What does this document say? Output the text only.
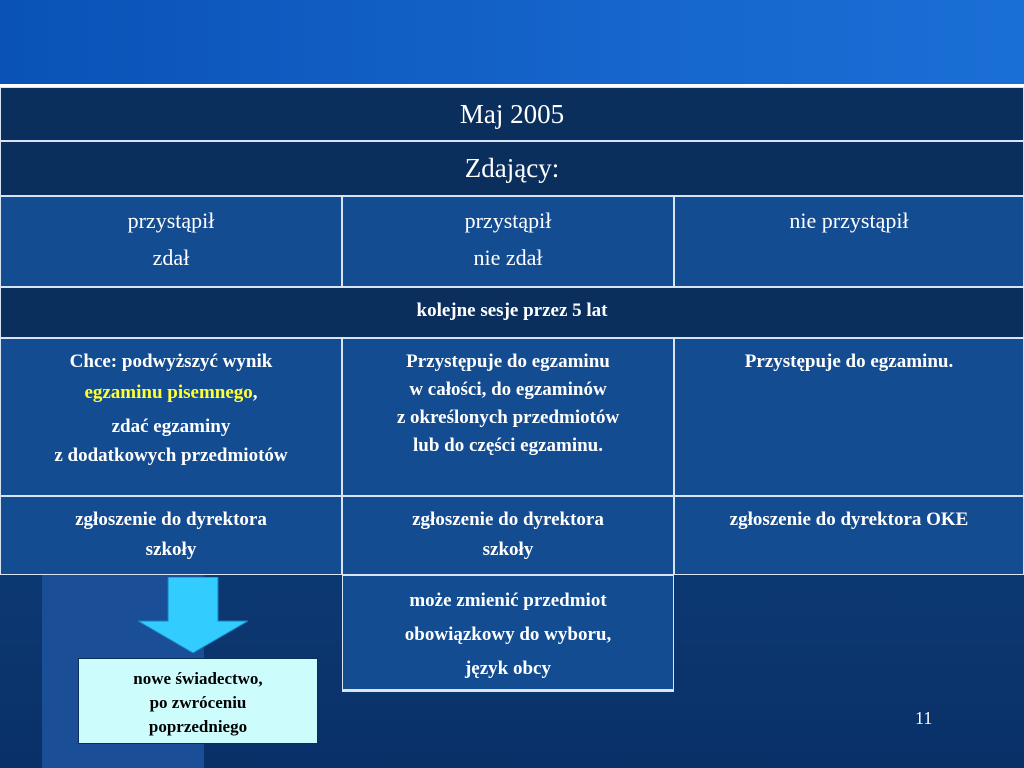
Maj 2005
Zdający:
przystąpił
zdał
przystąpił
nie zdał
nie przystąpił
kolejne sesje przez 5 lat
Chce: podwyższyć wynik
egzaminu pisemnego,
zdać egzaminy
z dodatkowych przedmiotów
Przystępuje do egzaminu
w całości, do egzaminów
z określonych przedmiotów
lub do części egzaminu.
Przystępuje do egzaminu.
zgłoszenie do dyrektora
szkoły
zgłoszenie do dyrektora
szkoły
zgłoszenie do dyrektora OKE
może zmienić przedmiot
obowiązkowy do wyboru,
język obcy
nowe świadectwo,
po zwróceniu
poprzedniego	11
